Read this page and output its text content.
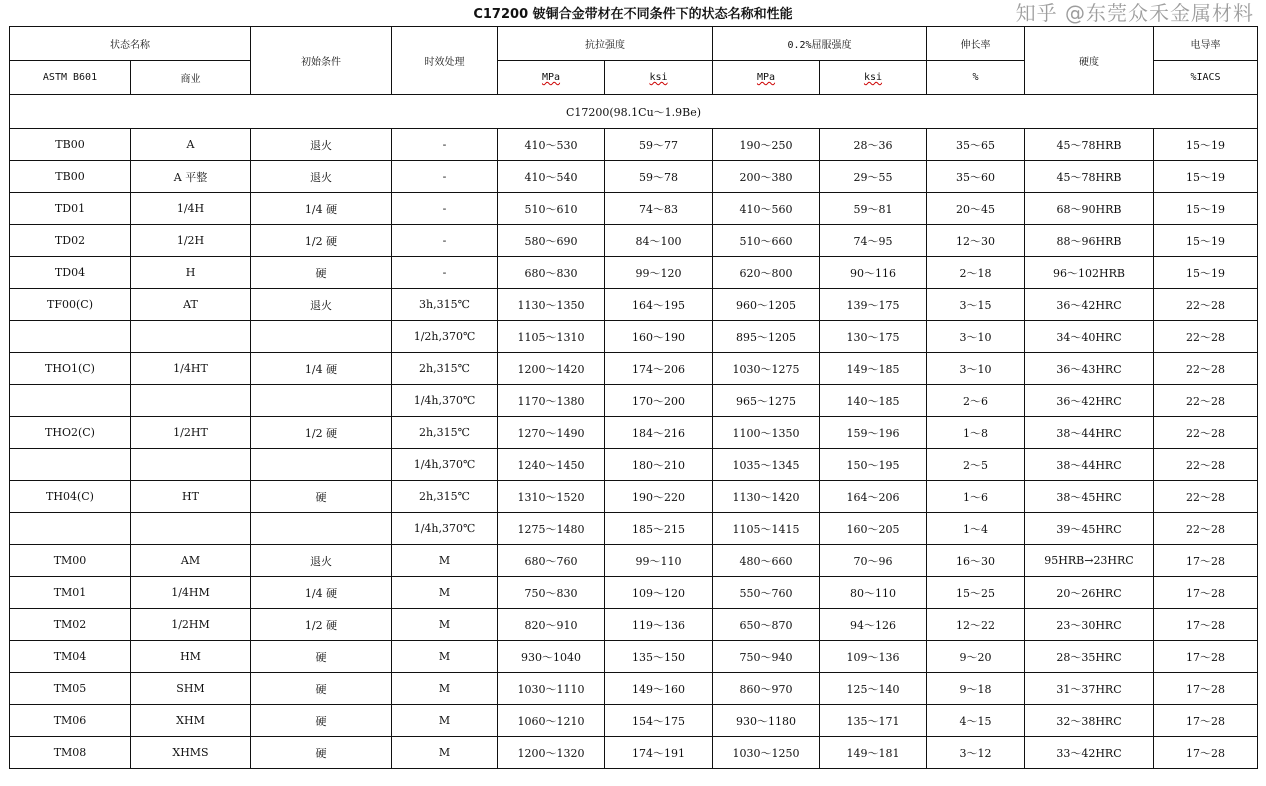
C17200 铍铜合金带材在不同条件下的状态名称和性能
状态名称		初始条件	时效处理	抗拉强度		0.2%屈服强度		伸长率	硬度	电导率
ASTM B601	商业			MPa	ksi	MPa	ksi	%		%IACS
C17200(98.1Cu～1.9Be)										
TB00	A	退火	-	410～530	59～77	190～250	28～36	35～65	45～78HRB	15～19
TB00	A 平整	退火	-	410～540	59～78	200～380	29～55	35～60	45～78HRB	15～19
TD01	1/4H	1/4 硬	-	510～610	74～83	410～560	59～81	20～45	68～90HRB	15～19
TD02	1/2H	1/2 硬	-	580～690	84～100	510～660	74～95	12～30	88～96HRB	15～19
TD04	H	硬	-	680～830	99～120	620～800	90～116	2～18	96～102HRB	15～19
TF00(C)	AT	退火	3h,315℃	1130～1350	164～195	960～1205	139～175	3～15	36～42HRC	22～28
			1/2h,370℃	1105～1310	160～190	895～1205	130～175	3～10	34～40HRC	22～28
THO1(C)	1/4HT	1/4 硬	2h,315℃	1200～1420	174～206	1030～1275	149～185	3～10	36～43HRC	22～28
			1/4h,370℃	1170～1380	170～200	965～1275	140～185	2～6	36～42HRC	22～28
THO2(C)	1/2HT	1/2 硬	2h,315℃	1270～1490	184～216	1100～1350	159～196	1～8	38～44HRC	22～28
			1/4h,370℃	1240～1450	180～210	1035～1345	150～195	2～5	38～44HRC	22～28
TH04(C)	HT	硬	2h,315℃	1310～1520	190～220	1130～1420	164～206	1～6	38～45HRC	22～28
			1/4h,370℃	1275～1480	185～215	1105～1415	160～205	1～4	39～45HRC	22～28
TM00	AM	退火	M	680～760	99～110	480～660	70～96	16～30	95HRB→23HRC	17～28
TM01	1/4HM	1/4 硬	M	750～830	109～120	550～760	80～110	15～25	20～26HRC	17～28
TM02	1/2HM	1/2 硬	M	820～910	119～136	650～870	94～126	12～22	23～30HRC	17～28
TM04	HM	硬	M	930～1040	135～150	750～940	109～136	9～20	28～35HRC	17～28
TM05	SHM	硬	M	1030～1110	149～160	860～970	125～140	9～18	31～37HRC	17～28
TM06	XHM	硬	M	1060～1210	154～175	930～1180	135～171	4～15	32～38HRC	17～28
TM08	XHMS	硬	M	1200～1320	174～191	1030～1250	149～181	3～12	33～42HRC	17～28
知乎 @东莞众禾金属材料
